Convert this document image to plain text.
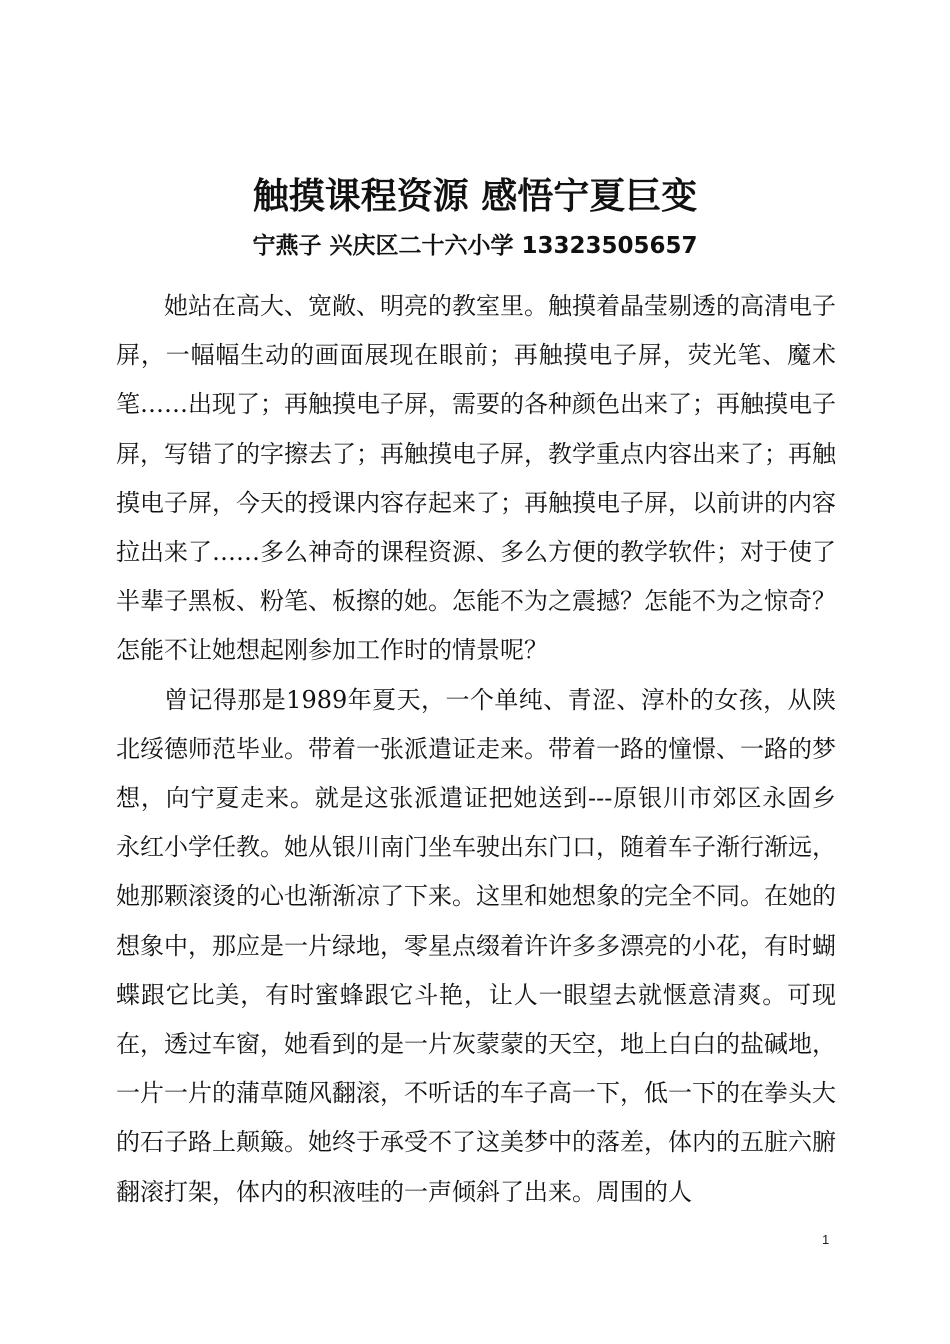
触摸课程资源 感悟宁夏巨变
宁燕子 兴庆区二十六小学 13323505657

她站在高大、宽敞、明亮的教室里。触摸着晶莹剔透的高清电子屏，一幅幅生动的画面展现在眼前；再触摸电子屏，荧光笔、魔术笔……出现了；再触摸电子屏，需要的各种颜色出来了；再触摸电子屏，写错了的字擦去了；再触摸电子屏，教学重点内容出来了；再触摸电子屏，今天的授课内容存起来了；再触摸电子屏，以前讲的内容拉出来了……多么神奇的课程资源、多么方便的教学软件；对于使了半辈子黑板、粉笔、板擦的她。怎能不为之震撼？怎能不为之惊奇？怎能不让她想起刚参加工作时的情景呢？

曾记得那是1989年夏天，一个单纯、青涩、淳朴的女孩，从陕北绥德师范毕业。带着一张派遣证走来。带着一路的憧憬、一路的梦想，向宁夏走来。就是这张派遣证把她送到---原银川市郊区永固乡永红小学任教。她从银川南门坐车驶出东门口，随着车子渐行渐远，她那颗滚烫的心也渐渐凉了下来。这里和她想象的完全不同。在她的想象中，那应是一片绿地，零星点缀着许许多多漂亮的小花，有时蝴蝶跟它比美，有时蜜蜂跟它斗艳，让人一眼望去就惬意清爽。可现在，透过车窗，她看到的是一片灰蒙蒙的天空，地上白白的盐碱地，一片一片的蒲草随风翻滚，不听话的车子高一下，低一下的在拳头大的石子路上颠簸。她终于承受不了这美梦中的落差，体内的五脏六腑翻滚打架，体内的积液哇的一声倾斜了出来。周围的人

1
